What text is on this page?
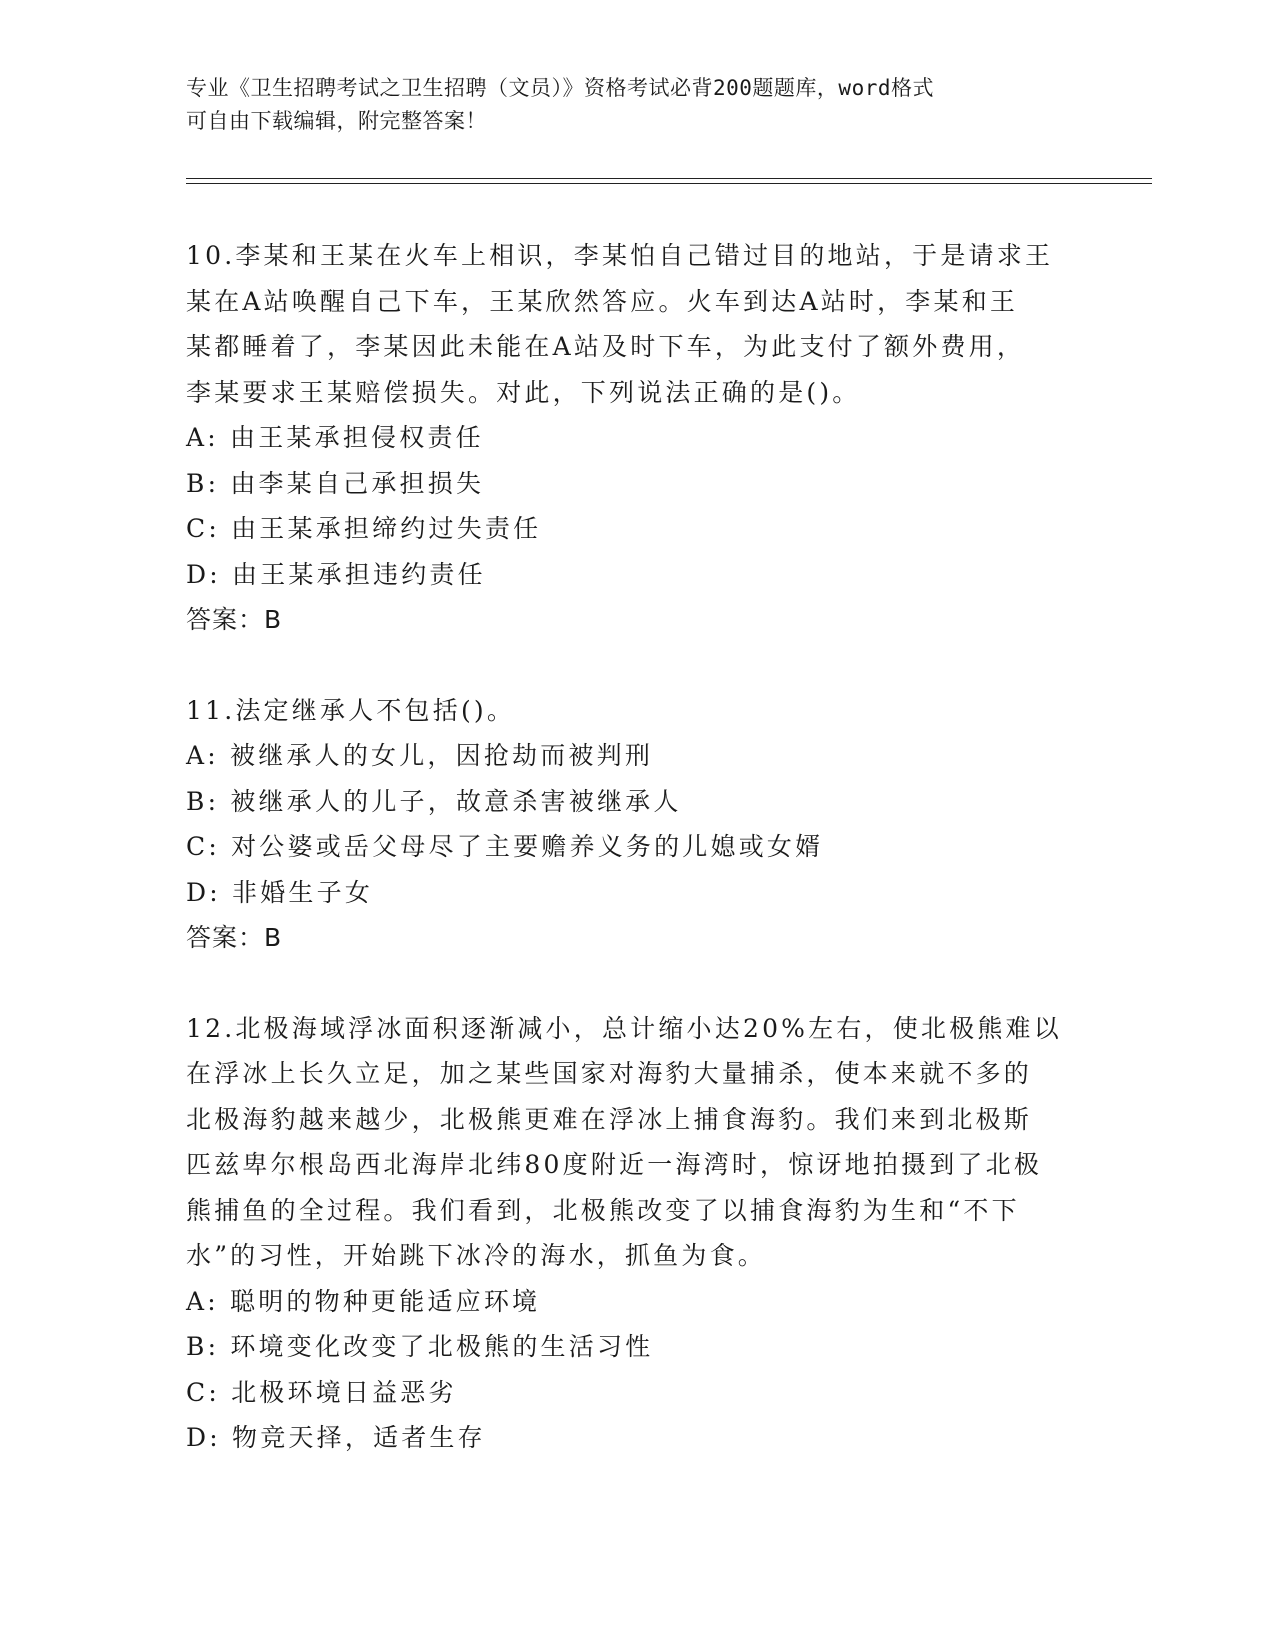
专业《卫生招聘考试之卫生招聘（文员）》资格考试必背200题题库，word格式
可自由下载编辑，附完整答案！

10.李某和王某在火车上相识，李某怕自己错过目的地站，于是请求王

某在A站唤醒自己下车，王某欣然答应。火车到达A站时，李某和王

某都睡着了，李某因此未能在A站及时下车，为此支付了额外费用，

李某要求王某赔偿损失。对此，下列说法正确的是()。

A: 由王某承担侵权责任

B: 由李某自己承担损失

C: 由王某承担缔约过失责任

D: 由王某承担违约责任

答案：B

11.法定继承人不包括()。

A: 被继承人的女儿，因抢劫而被判刑

B: 被继承人的儿子，故意杀害被继承人

C: 对公婆或岳父母尽了主要赡养义务的儿媳或女婿

D: 非婚生子女

答案：B

12.北极海域浮冰面积逐渐减小，总计缩小达20%左右，使北极熊难以

在浮冰上长久立足，加之某些国家对海豹大量捕杀，使本来就不多的

北极海豹越来越少，北极熊更难在浮冰上捕食海豹。我们来到北极斯

匹兹卑尔根岛西北海岸北纬80度附近一海湾时，惊讶地拍摄到了北极

熊捕鱼的全过程。我们看到，北极熊改变了以捕食海豹为生和“不下

水”的习性，开始跳下冰冷的海水，抓鱼为食。

A: 聪明的物种更能适应环境

B: 环境变化改变了北极熊的生活习性

C: 北极环境日益恶劣

D: 物竞天择，适者生存
